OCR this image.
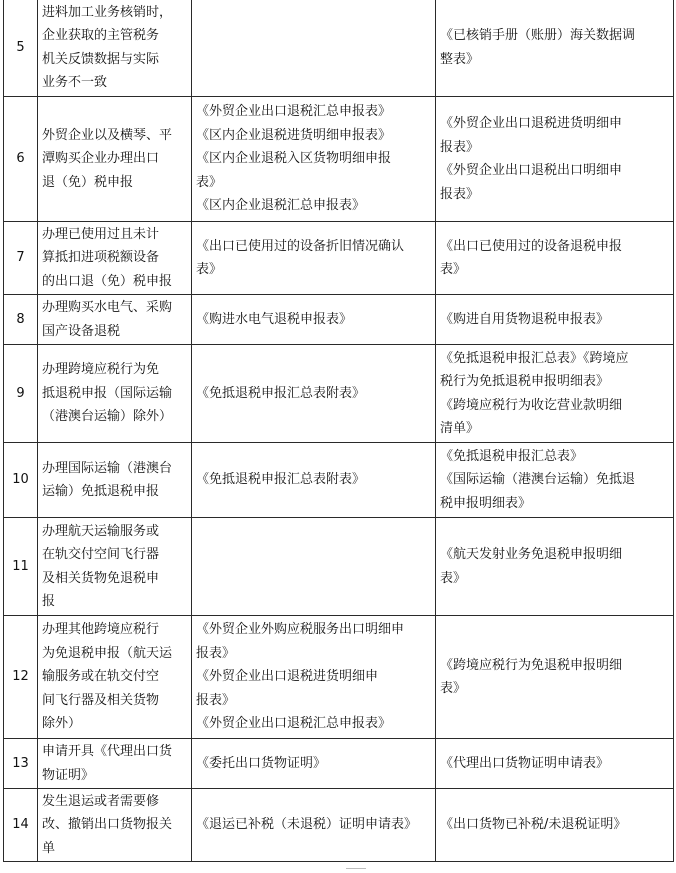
5	进料加工业务核销时，
企业获取的主管税务
机关反馈数据与实际
业务不一致		《已核销手册（账册）海关数据调
整表》

6	外贸企业以及横琴、平
潭购买企业办理出口
退（免）税申报	《外贸企业出口退税汇总申报表》
《区内企业退税进货明细申报表》
《区内企业退税入区货物明细申报
表》
《区内企业退税汇总申报表》	《外贸企业出口退税进货明细申
报表》
《外贸企业出口退税出口明细申
报表》

7	办理已使用过且未计
算抵扣进项税额设备
的出口退（免）税申报	《出口已使用过的设备折旧情况确认
表》	《出口已使用过的设备退税申报
表》

8	办理购买水电气、采购
国产设备退税	《购进水电气退税申报表》	《购进自用货物退税申报表》

9	办理跨境应税行为免
抵退税申报（国际运输
（港澳台运输）除外）	《免抵退税申报汇总表附表》	《免抵退税申报汇总表》《跨境应
税行为免抵退税申报明细表》
《跨境应税行为收讫营业款明细
清单》

10	办理国际运输（港澳台
运输）免抵退税申报	《免抵退税申报汇总表附表》	《免抵退税申报汇总表》
《国际运输（港澳台运输）免抵退
税申报明细表》

11	办理航天运输服务或
在轨交付空间飞行器
及相关货物免退税申
报		《航天发射业务免退税申报明细
表》

12	办理其他跨境应税行
为免退税申报（航天运
输服务或在轨交付空
间飞行器及相关货物
除外）	《外贸企业外购应税服务出口明细申
报表》
《外贸企业出口退税进货明细申
报表》
《外贸企业出口退税汇总申报表》	《跨境应税行为免退税申报明细
表》

13	申请开具《代理出口货
物证明》	《委托出口货物证明》	《代理出口货物证明申请表》

14	发生退运或者需要修
改、撤销出口货物报关
单	《退运已补税（未退税）证明申请表》	《出口货物已补税/未退税证明》
